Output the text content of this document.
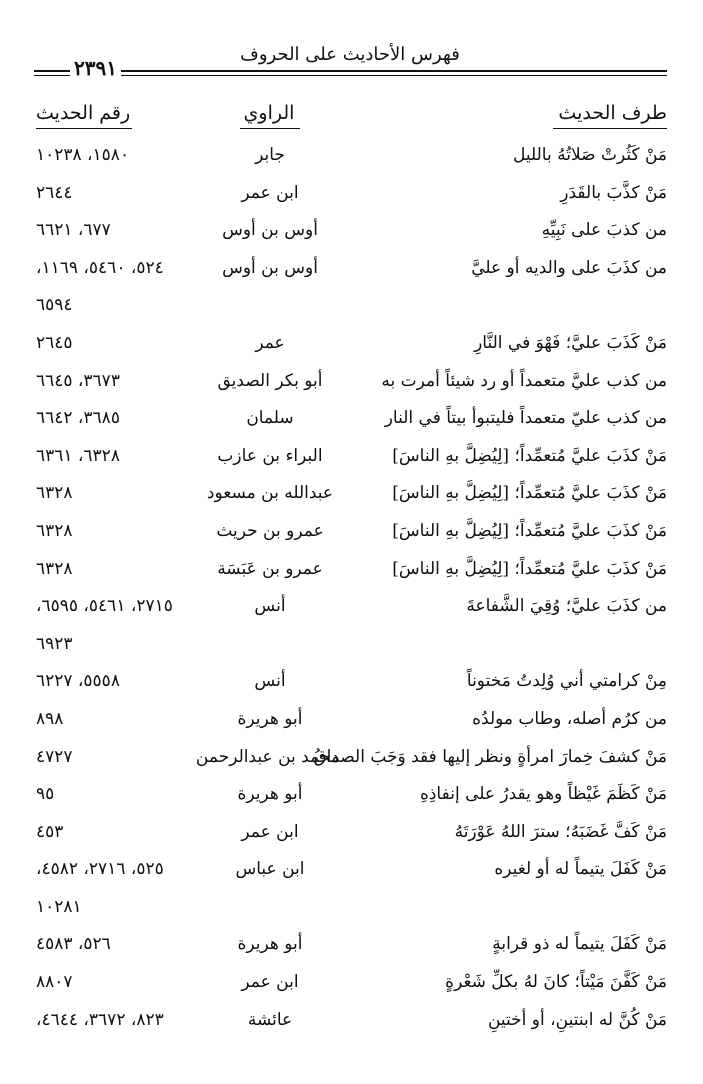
فهرس الأحاديث على الحروف
٢٣٩١
طرف الحديث
الراوي
رقم الحديث
مَنْ كَثُرتْ صَلاتُهُ بالليل
جابر
١٥٨٠، ١٠٢٣٨
مَنْ كذَّبَ بالقَدَرِ
ابن عمر
٢٦٤٤
من كذبَ على نَبِيِّهِ
أوس بن أوس
٦٧٧، ٦٦٢١
من كذَبَ على والديه أو عليَّ
أوس بن أوس
٥٢٤، ٥٤٦٠، ١١٦٩،
٦٥٩٤
مَنْ كَذَبَ عليَّ؛ فَهْوَ في النَّارِ
عمر
٢٦٤٥
من كذب عليَّ متعمداً أو رد شيئاً أمرت به
أبو بكر الصديق
٣٦٧٣، ٦٦٤٥
من كذب عليّ متعمداً فليتبوأ بيتاً في النار
سلمان
٣٦٨٥، ٦٦٤٢
مَنْ كذَبَ عليَّ مُتعمِّداً؛ [لِيُضِلَّ بهِ الناسَ]
البراء بن عازب
٦٣٢٨، ٦٣٦١
مَنْ كذَبَ عليَّ مُتعمِّداً؛ [لِيُضِلَّ بهِ الناسَ]
عبدالله بن مسعود
٦٣٢٨
مَنْ كذَبَ عليَّ مُتعمِّداً؛ [لِيُضِلَّ بهِ الناسَ]
عمرو بن حريث
٦٣٢٨
مَنْ كذَبَ عليَّ مُتعمِّداً؛ [لِيُضِلَّ بهِ الناسَ]
عمرو بن عَبَسَة
٦٣٢٨
من كذَبَ عليَّ؛ وُقِيَ الشَّفاعةَ
أنس
٢٧١٥، ٥٤٦١، ٦٥٩٥،
٦٩٢٣
مِنْ كرامتي أني وُلِدتُ مَختوناً
أنس
٥٥٥٨، ٦٢٢٧
من كرُم أصله، وطاب مولدُه
أبو هريرة
٨٩٨
مَنْ كشفَ خِمارَ امرأةٍ ونظر إليها فقد وَجَبَ الصداقُ
محمد بن عبدالرحمن
٤٧٢٧
مَنْ كَظَمَ غَيْظاً وهو يقدرُ على إنفاذِهِ
أبو هريرة
٩٥
مَنْ كَفَّ غَضَبَهُ؛ سترَ اللهُ عَوْرَتَهُ
ابن عمر
٤٥٣
مَنْ كَفَلَ يتيماً له أو لغيره
ابن عباس
٥٢٥، ٢٧١٦، ٤٥٨٢،
١٠٢٨١
مَنْ كَفَلَ يتيماً له ذو قرابةٍ
أبو هريرة
٥٢٦، ٤٥٨٣
مَنْ كَفَّنَ مَيْتاً؛ كانَ لهُ بكلِّ شَعْرةٍ
ابن عمر
٨٨٠٧
مَنْ كُنَّ له ابنتينِ، أو أختينِ
عائشة
٨٢٣، ٣٦٧٢، ٤٦٤٤،
